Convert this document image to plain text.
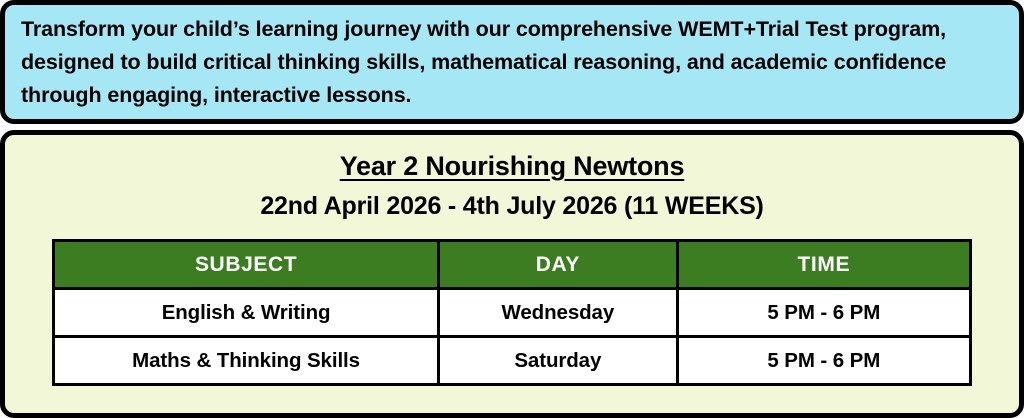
Transform your child’s learning journey with our comprehensive WEMT+Trial Test program, designed to build critical thinking skills, mathematical reasoning, and academic confidence through engaging, interactive lessons.
Year 2 Nourishing Newtons
22nd April 2026 - 4th July 2026 (11 WEEKS)
SUBJECT	DAY	TIME
English & Writing	Wednesday	5 PM - 6 PM
Maths & Thinking Skills	Saturday	5 PM - 6 PM
